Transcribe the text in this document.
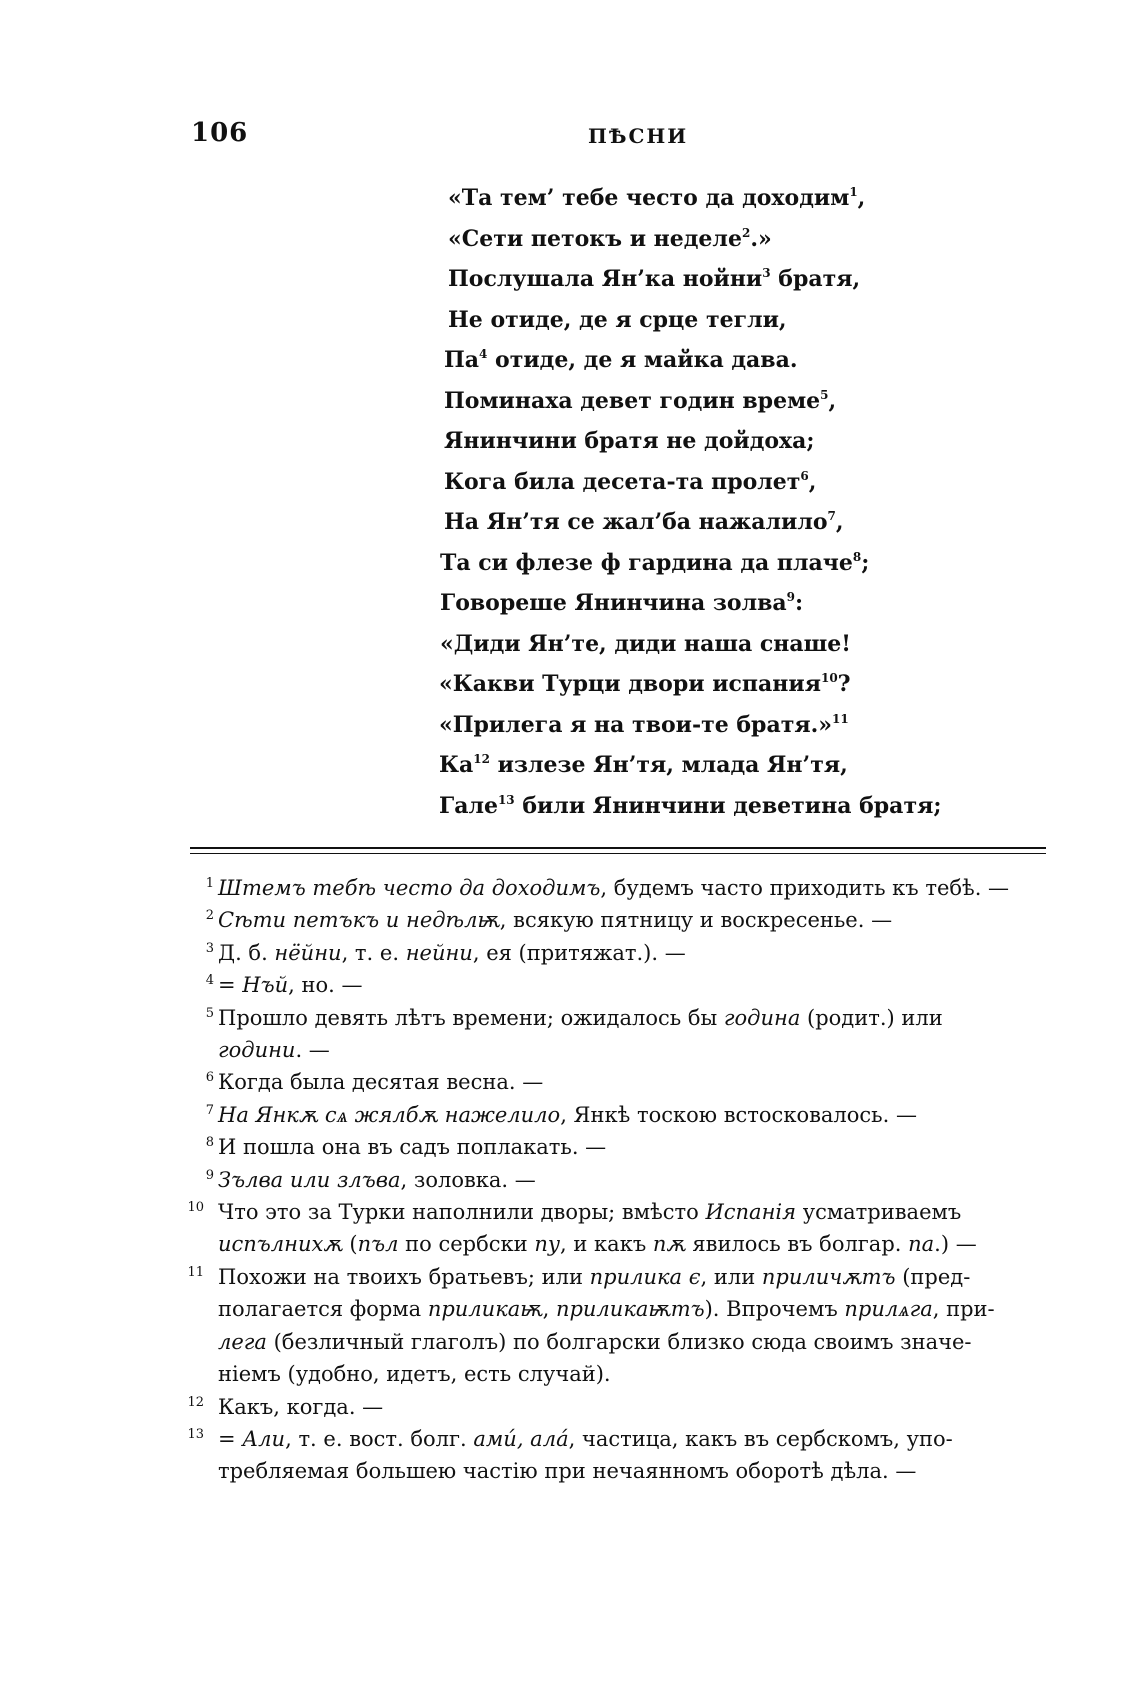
106	ПѢСНИ
«Та тем’ тебе често да доходим$^1$,
«Сети петокъ и неделе$^2$.»
Послушала Ян’ка нойни$^3$ братя,
Не отиде, де я срце тегли,
$Па^4$ отиде, де я майка дава.
Поминаха девет годин време$^5$,
Янинчини братя не дойдоха;
Кога била десета-та пролет$^6$,
На Ян’тя се жал’ба нажалило$^7$,
Та си флезе ф гардина да плаче$^8$;
Говореше Янинчина золва$^9$:
«Диди Ян’те, диди наша снаше!
«Какви Турци двори испания$^{10}$?
«Прилега я на твои-те братя.»$^{11}$
$Ка^{12}$ излезе Ян’тя, млада Ян’тя,
Гале$^{13}$ били Янинчини деветина братя;
1 Штемъ тебѣ често да доходимъ, будемъ часто приходить къ тебѣ. —
2 Сѣти петъкъ и недѣлѭ, всякую пятницу и воскресенье. —
3 Д. б. нёйни, т. е. нейни, ея (притяжат.). —
4 = Нъй, но. —
5 Прошло девять лѣтъ времени; ожидалось бы година (родит.) или
години. —
6 Когда была десятая весна. —
7 На Янкѫ сѧ жялбѫ нажелило, Янкѣ тоскою встосковалось. —
8 И пошла она въ садъ поплакать. —
9 Зълва или злъва, золовка. —
10 Что это за Турки наполнили дворы; вмѣсто Испанія усматриваемъ
испълнихѫ (пъл по сербски пу, и какъ пѫ явилось въ болгар. па.) —
11 Похожи на твоихъ братьевъ; или прилика є, или приличѫтъ (пред-
полагается форма приликаѭ, приликаѭтъ). Впрочемъ прилѧга, при-
лега (безличный глаголъ) по болгарски близко сюда своимъ значе-
ніемъ (удобно, идетъ, есть случай).
12 Какъ, когда. —
13 = Али, т. е. вост. болг. амú, алá, частица, какъ въ сербскомъ, упо-
требляемая большею частію при нечаянномъ оборотѣ дѣла. —
